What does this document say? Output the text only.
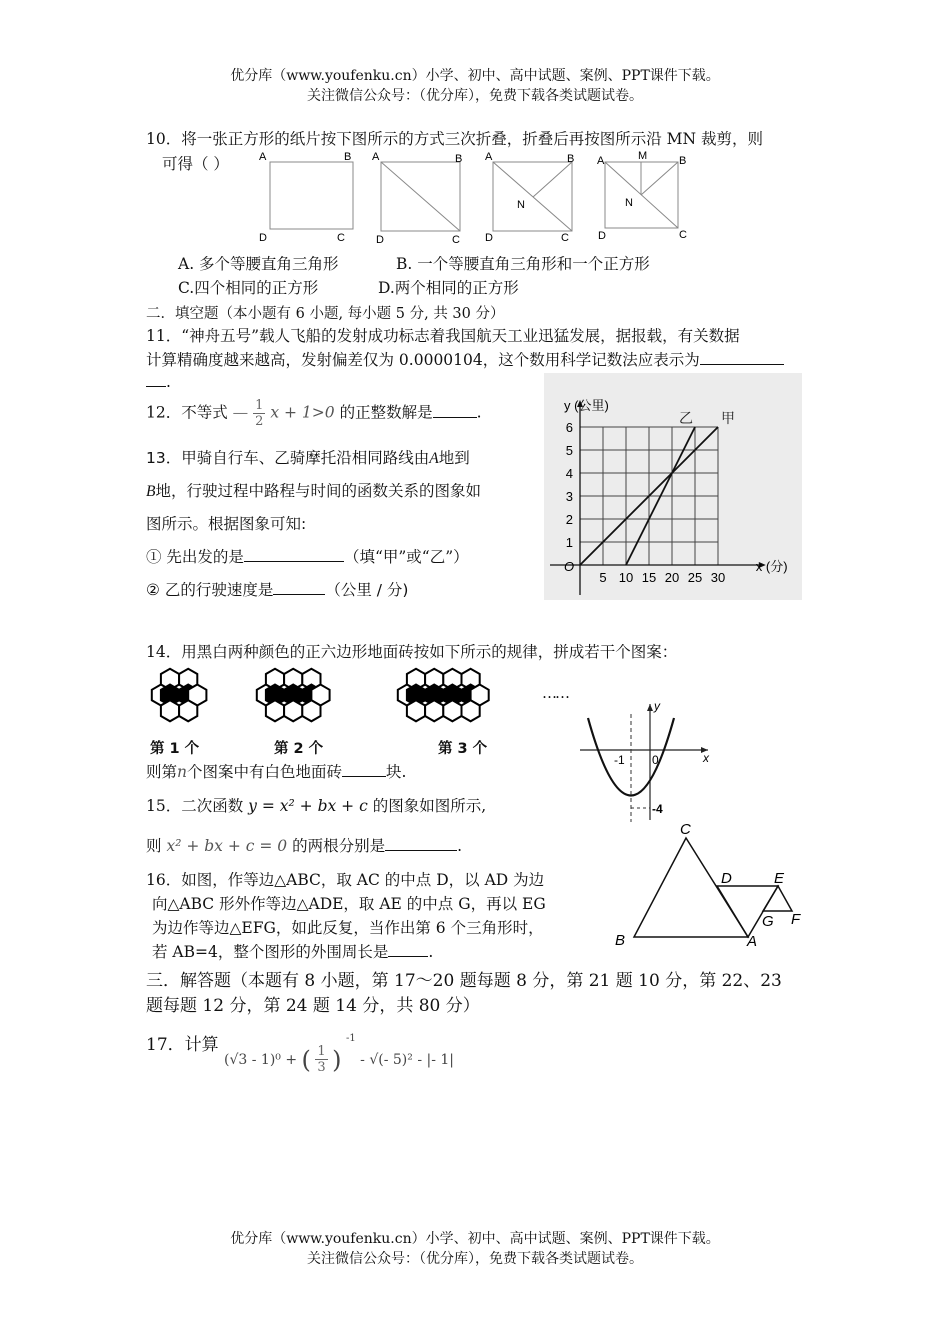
优分库（www.youfenku.cn）小学、初中、高中试题、案例、PPT课件下载。
关注微信公众号：（优分库），免费下载各类试题试卷。
10．将一张正方形的纸片按下图所示的方式三次折叠，折叠后再按图所示沿 MN 裁剪，则
可得（ ）	A	B
D	C
A	B
D	C
A	B
N
D	C
A	M	B
N
D	C
A. 多个等腰直角三角形	B. 一个等腰直角三角形和一个正方形
C.四个相同的正方形	D.两个相同的正方形
二．填空题（本小题有 6 小题, 每小题 5 分, 共 30 分）
11．“神舟五号”载人飞船的发射成功标志着我国航天工业迅猛发展，据报载，有关数据
计算精确度越来越高，发射偏差仅为 0.0000104，这个数用科学记数法应表示为
.
12．不等式 — $\frac{1}{2}$ x + 1>0 的正整数解是	.
13．甲骑自行车、乙骑摩托沿相同路线由A地到
B地，行驶过程中路程与时间的函数关系的图象如
图所示。根据图象可知:
① 先出发的是	（填“甲”或“乙”）
② 乙的行驶速度是	（公里 / 分)
甲
乙
5 10 15 20 25 30
1
2
3
4
5
6
O
y (公里)
x (分)
14．用黑白两种颜色的正六边形地面砖按如下所示的规律，拼成若干个图案：
……
第 1 个	第 2 个	第 3 个
则第n个图案中有白色地面砖	块.
x
y
-1 0
-4
15．二次函数 y = x² + bx + c 的图象如图所示,
则 x² + bx + c = 0 的两根分别是	.
C
D	E
G F
B	A
16．如图，作等边△ABC，取 AC 的中点 D，以 AD 为边
向△ABC 形外作等边△ADE，取 AE 的中点 G，再以 EG
为边作等边△EFG，如此反复，当作出第 6 个三角形时，
若 AB=4，整个图形的外围周长是	.
三．解答题（本题有 8 小题，第 17～20 题每题 8 分，第 21 题 10 分，第 22、23
题每题 12 分，第 24 题 14 分，共 80 分）
17．计算
(√3 - 1)⁰ + ( $\frac{1}{3}$ ) -1 - √(- 5)² - |- 1|
优分库（www.youfenku.cn）小学、初中、高中试题、案例、PPT课件下载。
关注微信公众号：（优分库），免费下载各类试题试卷。
